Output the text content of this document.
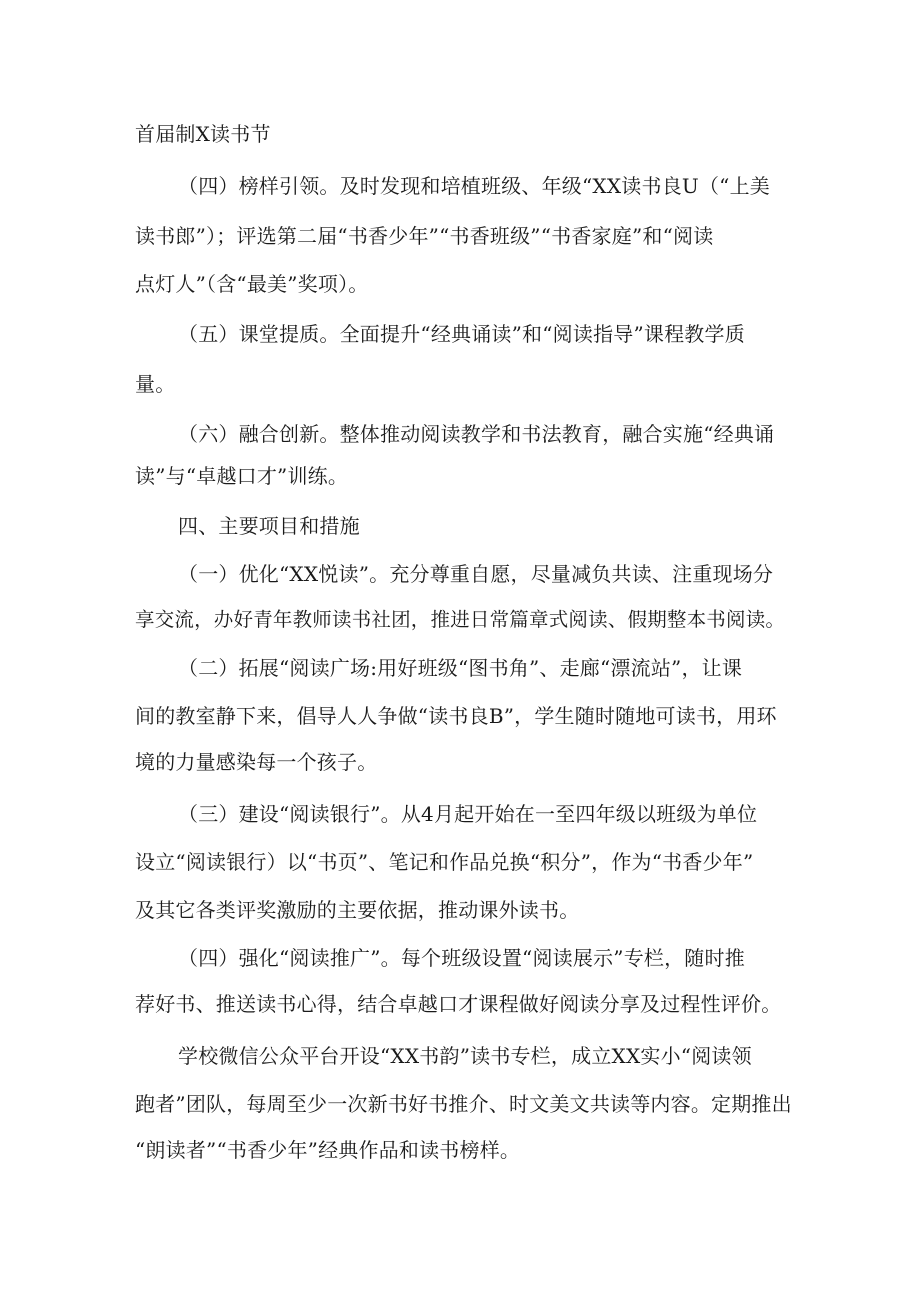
首届制X读书节
（四）榜样引领。及时发现和培植班级、年级“XX读书良U（“上美
读书郎”）；评选第二届“书香少年”“书香班级”“书香家庭”和“阅读
点灯人”（含“最美”奖项）。
（五）课堂提质。全面提升“经典诵读”和“阅读指导”课程教学质
量。
（六）融合创新。整体推动阅读教学和书法教育，融合实施“经典诵
读”与“卓越口才”训练。
四、主要项目和措施
（一）优化“XX悦读”。充分尊重自愿，尽量减负共读、注重现场分
享交流，办好青年教师读书社团，推进日常篇章式阅读、假期整本书阅读。
（二）拓展“阅读广场:用好班级“图书角”、走廊“漂流站”，让课
间的教室静下来，倡导人人争做“读书良B”，学生随时随地可读书，用环
境的力量感染每一个孩子。
（三）建设“阅读银行”。从4月起开始在一至四年级以班级为单位
设立“阅读银行）以“书页”、笔记和作品兑换“积分”，作为“书香少年”
及其它各类评奖激励的主要依据，推动课外读书。
（四）强化“阅读推广”。每个班级设置“阅读展示”专栏，随时推
荐好书、推送读书心得，结合卓越口才课程做好阅读分享及过程性评价。
学校微信公众平台开设“XX书韵”读书专栏，成立XX实小“阅读领
跑者”团队，每周至少一次新书好书推介、时文美文共读等内容。定期推出
“朗读者”“书香少年”经典作品和读书榜样。
